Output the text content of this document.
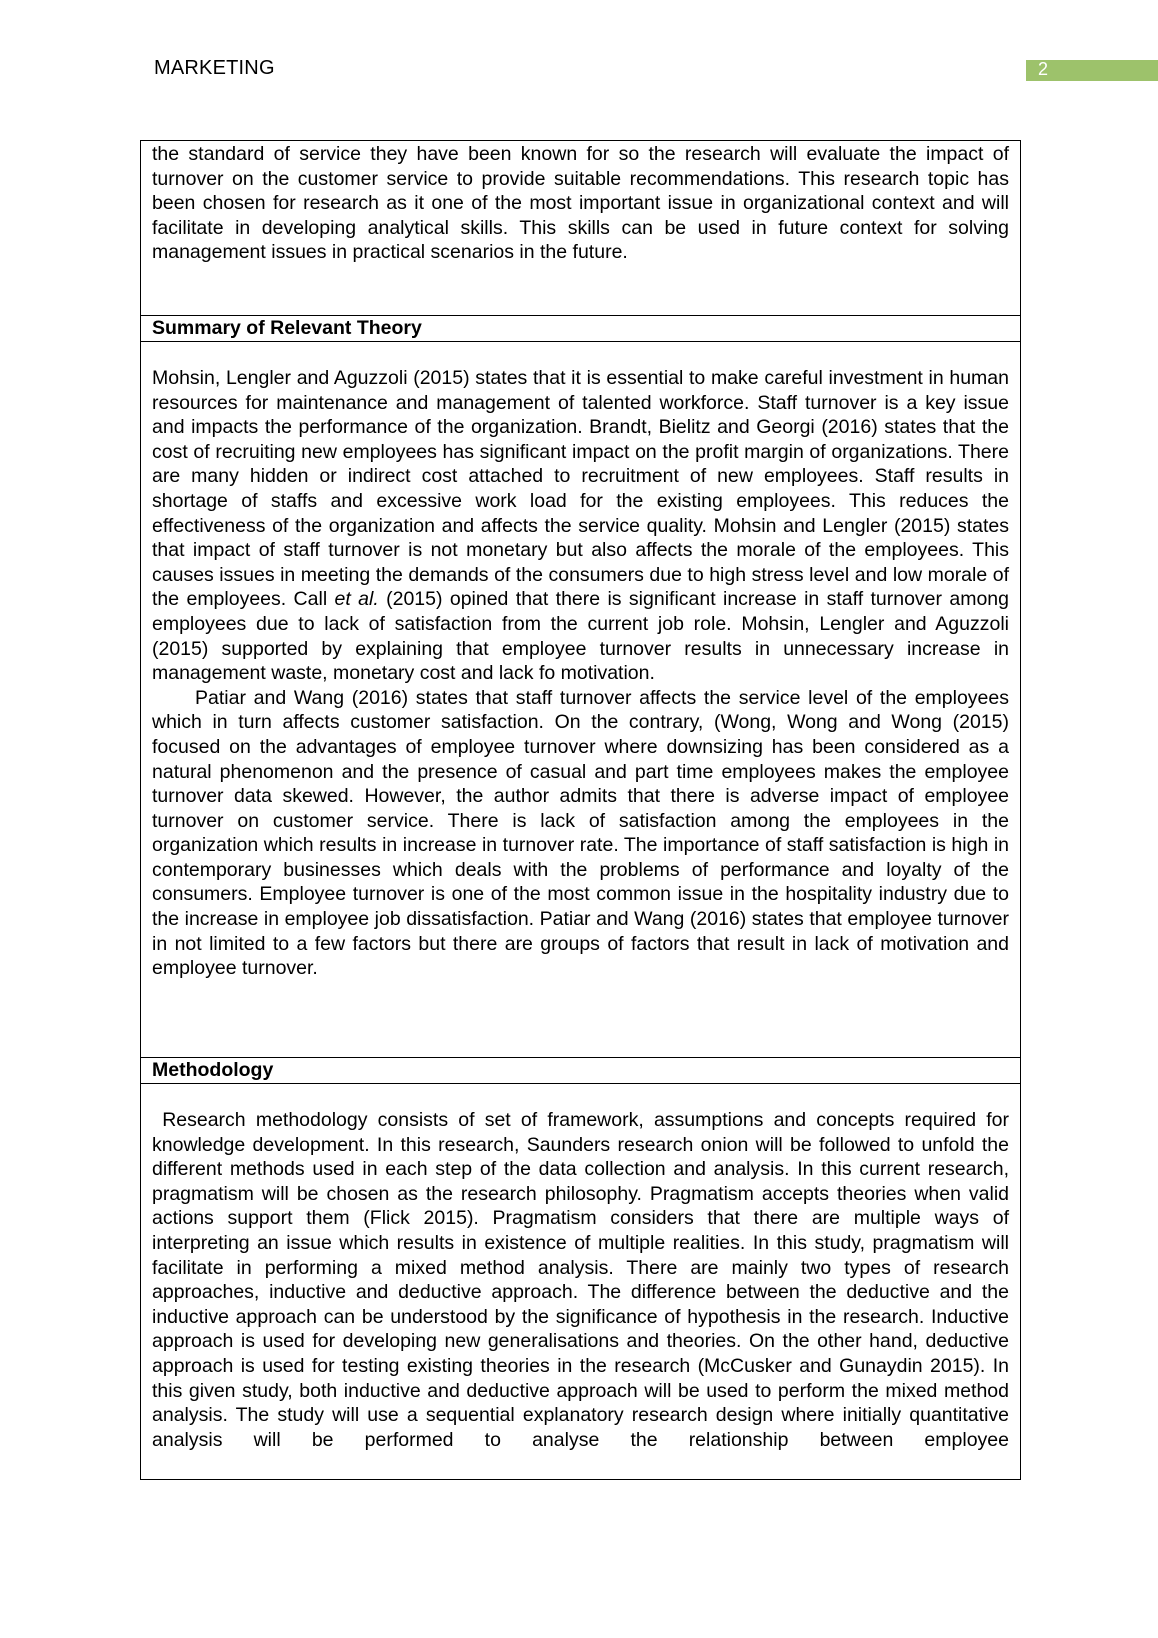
MARKETING	2

the standard of service they have been known for so the research will evaluate the impact of turnover on the customer service to provide suitable recommendations. This research topic has been chosen for research as it one of the most important issue in organizational context and will facilitate in developing analytical skills. This skills can be used in future context for solving management issues in practical scenarios in the future.

Summary of Relevant Theory

Mohsin, Lengler and Aguzzoli (2015) states that it is essential to make careful investment in human resources for maintenance and management of talented workforce. Staff turnover is a key issue and impacts the performance of the organization. Brandt, Bielitz and Georgi (2016) states that the cost of recruiting new employees has significant impact on the profit margin of organizations. There are many hidden or indirect cost attached to recruitment of new employees. Staff results in shortage of staffs and excessive work load for the existing employees. This reduces the effectiveness of the organization and affects the service quality. Mohsin and Lengler (2015) states that impact of staff turnover is not monetary but also affects the morale of the employees. This causes issues in meeting the demands of the consumers due to high stress level and low morale of the employees. Call et al. (2015) opined that there is significant increase in staff turnover among employees due to lack of satisfaction from the current job role. Mohsin, Lengler and Aguzzoli (2015) supported by explaining that employee turnover results in unnecessary increase in management waste, monetary cost and lack fo motivation.

Patiar and Wang (2016) states that staff turnover affects the service level of the employees which in turn affects customer satisfaction. On the contrary, (Wong, Wong and Wong (2015) focused on the advantages of employee turnover where downsizing has been considered as a natural phenomenon and the presence of casual and part time employees makes the employee turnover data skewed. However, the author admits that there is adverse impact of employee turnover on customer service. There is lack of satisfaction among the employees in the organization which results in increase in turnover rate. The importance of staff satisfaction is high in contemporary businesses which deals with the problems of performance and loyalty of the consumers. Employee turnover is one of the most common issue in the hospitality industry due to the increase in employee job dissatisfaction. Patiar and Wang (2016) states that employee turnover in not limited to a few factors but there are groups of factors that result in lack of motivation and employee turnover.

Methodology

Research methodology consists of set of framework, assumptions and concepts required for knowledge development. In this research, Saunders research onion will be followed to unfold the different methods used in each step of the data collection and analysis. In this current research, pragmatism will be chosen as the research philosophy. Pragmatism accepts theories when valid actions support them (Flick 2015). Pragmatism considers that there are multiple ways of interpreting an issue which results in existence of multiple realities. In this study, pragmatism will facilitate in performing a mixed method analysis. There are mainly two types of research approaches, inductive and deductive approach. The difference between the deductive and the inductive approach can be understood by the significance of hypothesis in the research. Inductive approach is used for developing new generalisations and theories. On the other hand, deductive approach is used for testing existing theories in the research (McCusker and Gunaydin 2015). In this given study, both inductive and deductive approach will be used to perform the mixed method analysis. The study will use a sequential explanatory research design where initially quantitative analysis will be performed to analyse the relationship between employee
